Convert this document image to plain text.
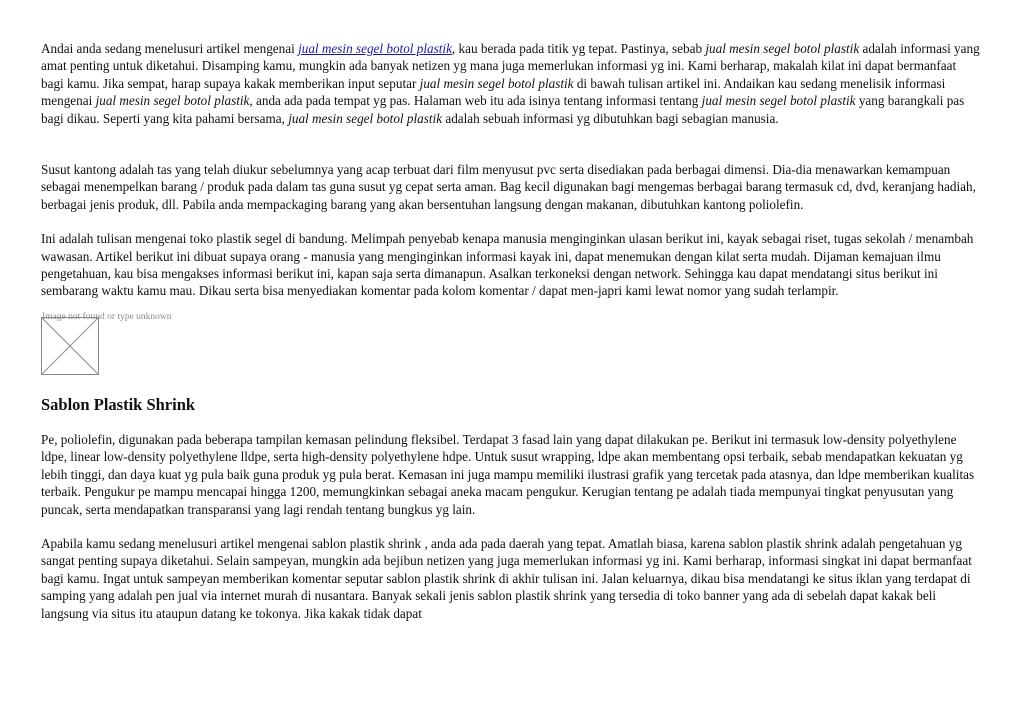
Andai anda sedang menelusuri artikel mengenai jual mesin segel botol plastik, kau berada pada titik yg tepat. Pastinya, sebab jual mesin segel botol plastik adalah informasi yang amat penting untuk diketahui. Disamping kamu, mungkin ada banyak netizen yg mana juga memerlukan informasi yg ini. Kami berharap, makalah kilat ini dapat bermanfaat bagi kamu. Jika sempat, harap supaya kakak memberikan input seputar jual mesin segel botol plastik di bawah tulisan artikel ini. Andaikan kau sedang menelisik informasi mengenai jual mesin segel botol plastik, anda ada pada tempat yg pas. Halaman web itu ada isinya tentang informasi tentang jual mesin segel botol plastik yang barangkali pas bagi dikau. Seperti yang kita pahami bersama, jual mesin segel botol plastik adalah sebuah informasi yg dibutuhkan bagi sebagian manusia.

Susut kantong adalah tas yang telah diukur sebelumnya yang acap terbuat dari film menyusut pvc serta disediakan pada berbagai dimensi. Dia-dia menawarkan kemampuan sebagai menempelkan barang / produk pada dalam tas guna susut yg cepat serta aman. Bag kecil digunakan bagi mengemas berbagai barang termasuk cd, dvd, keranjang hadiah, berbagai jenis produk, dll. Pabila anda mempackaging barang yang akan bersentuhan langsung dengan makanan, dibutuhkan kantong poliolefin.

Ini adalah tulisan mengenai toko plastik segel di bandung. Melimpah penyebab kenapa manusia menginginkan ulasan berikut ini, kayak sebagai riset, tugas sekolah / menambah wawasan. Artikel berikut ini dibuat supaya orang - manusia yang menginginkan informasi kayak ini, dapat menemukan dengan kilat serta mudah. Dijaman kemajuan ilmu pengetahuan, kau bisa mengakses informasi berikut ini, kapan saja serta dimanapun. Asalkan terkoneksi dengan network. Sehingga kau dapat mendatangi situs berikut ini sembarang waktu kamu mau. Dikau serta bisa menyediakan komentar pada kolom komentar / dapat men-japri kami lewat nomor yang sudah terlampir.

Image not found or type unknown
Sablon Plastik Shrink

Pe, poliolefin, digunakan pada beberapa tampilan kemasan pelindung fleksibel. Terdapat 3 fasad lain yang dapat dilakukan pe. Berikut ini termasuk low-density polyethylene ldpe, linear low-density polyethylene lldpe, serta high-density polyethylene hdpe. Untuk susut wrapping, ldpe akan membentang opsi terbaik, sebab mendapatkan kekuatan yg lebih tinggi, dan daya kuat yg pula baik guna produk yg pula berat. Kemasan ini juga mampu memiliki ilustrasi grafik yang tercetak pada atasnya, dan ldpe memberikan kualitas terbaik. Pengukur pe mampu mencapai hingga 1200, memungkinkan sebagai aneka macam pengukur. Kerugian tentang pe adalah tiada mempunyai tingkat penyusutan yang puncak, serta mendapatkan transparansi yang lagi rendah tentang bungkus yg lain.

Apabila kamu sedang menelusuri artikel mengenai sablon plastik shrink , anda ada pada daerah yang tepat. Amatlah biasa, karena sablon plastik shrink adalah pengetahuan yg sangat penting supaya diketahui. Selain sampeyan, mungkin ada bejibun netizen yang juga memerlukan informasi yg ini. Kami berharap, informasi singkat ini dapat bermanfaat bagi kamu. Ingat untuk sampeyan memberikan komentar seputar sablon plastik shrink di akhir tulisan ini. Jalan keluarnya, dikau bisa mendatangi ke situs iklan yang terdapat di samping yang adalah pen jual via internet murah di nusantara. Banyak sekali jenis sablon plastik shrink yang tersedia di toko banner yang ada di sebelah dapat kakak beli langsung via situs itu ataupun datang ke tokonya. Jika kakak tidak dapat
